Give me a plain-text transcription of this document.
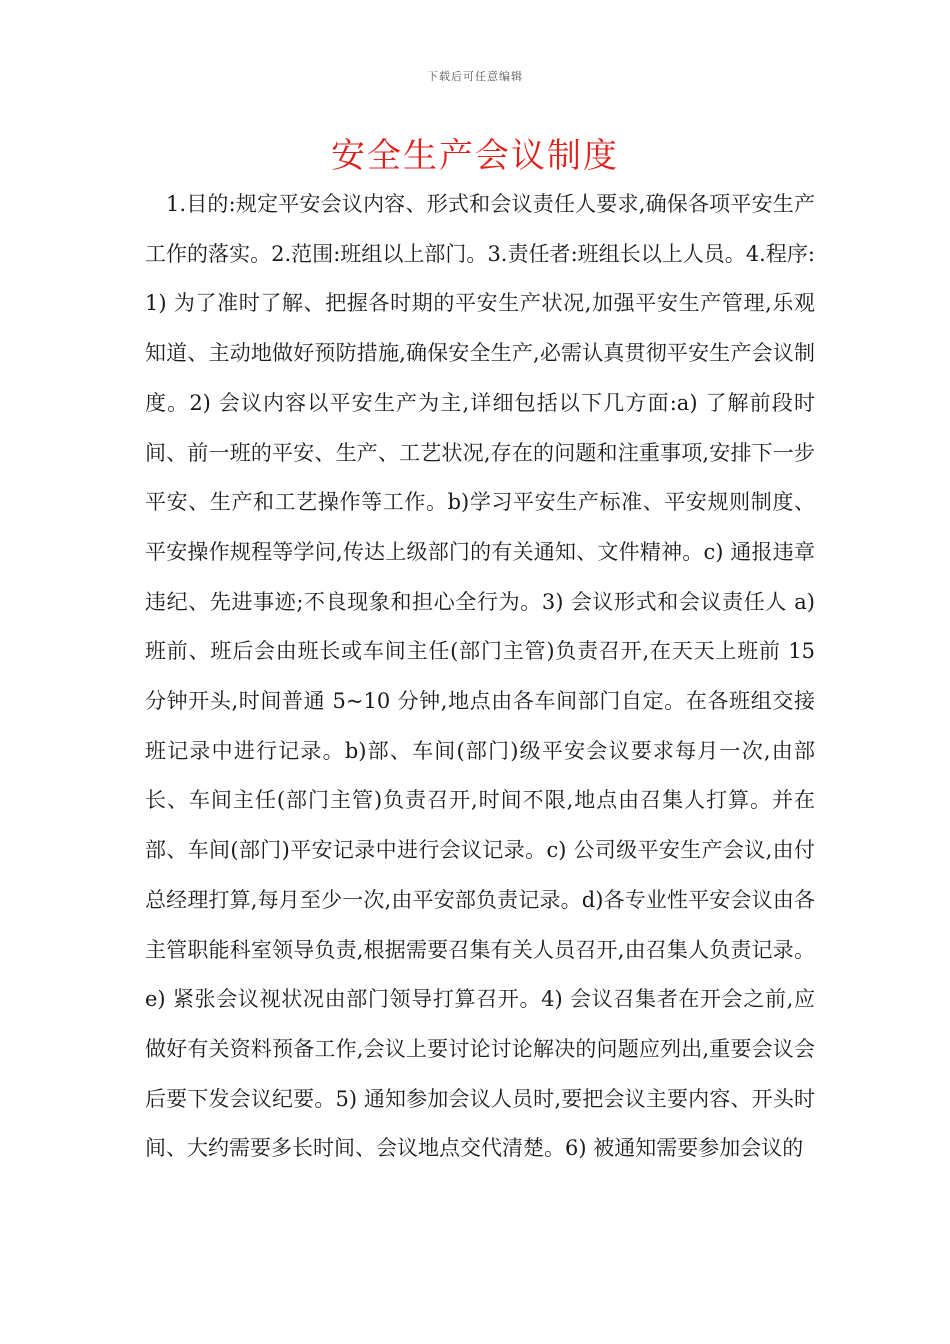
下载后可任意编辑
安全生产会议制度

1.目的:规定平安会议内容、形式和会议责任人要求,确保各项平安生产工作的落实。2.范围:班组以上部门。3.责任者:班组长以上人员。4.程序:1) 为了准时了解、把握各时期的平安生产状况,加强平安生产管理,乐观知道、主动地做好预防措施,确保安全生产,必需认真贯彻平安生产会议制度。2) 会议内容以平安生产为主,详细包括以下几方面:a) 了解前段时间、前一班的平安、生产、工艺状况,存在的问题和注重事项,安排下一步平安、生产和工艺操作等工作。b)学习平安生产标准、平安规则制度、平安操作规程等学问,传达上级部门的有关通知、文件精神。c) 通报违章违纪、先进事迹;不良现象和担心全行为。3) 会议形式和会议责任人 a) 班前、班后会由班长或车间主任(部门主管)负责召开,在天天上班前 15 分钟开头,时间普通 5~10 分钟,地点由各车间部门自定。在各班组交接班记录中进行记录。b)部、车间(部门)级平安会议要求每月一次,由部长、车间主任(部门主管)负责召开,时间不限,地点由召集人打算。并在部、车间(部门)平安记录中进行会议记录。c) 公司级平安生产会议,由付总经理打算,每月至少一次,由平安部负责记录。d)各专业性平安会议由各主管职能科室领导负责,根据需要召集有关人员召开,由召集人负责记录。e) 紧张会议视状况由部门领导打算召开。4) 会议召集者在开会之前,应做好有关资料预备工作,会议上要讨论讨论解决的问题应列出,重要会议会后要下发会议纪要。5) 通知参加会议人员时,要把会议主要内容、开头时间、大约需要多长时间、会议地点交代清楚。6) 被通知需要参加会议的
